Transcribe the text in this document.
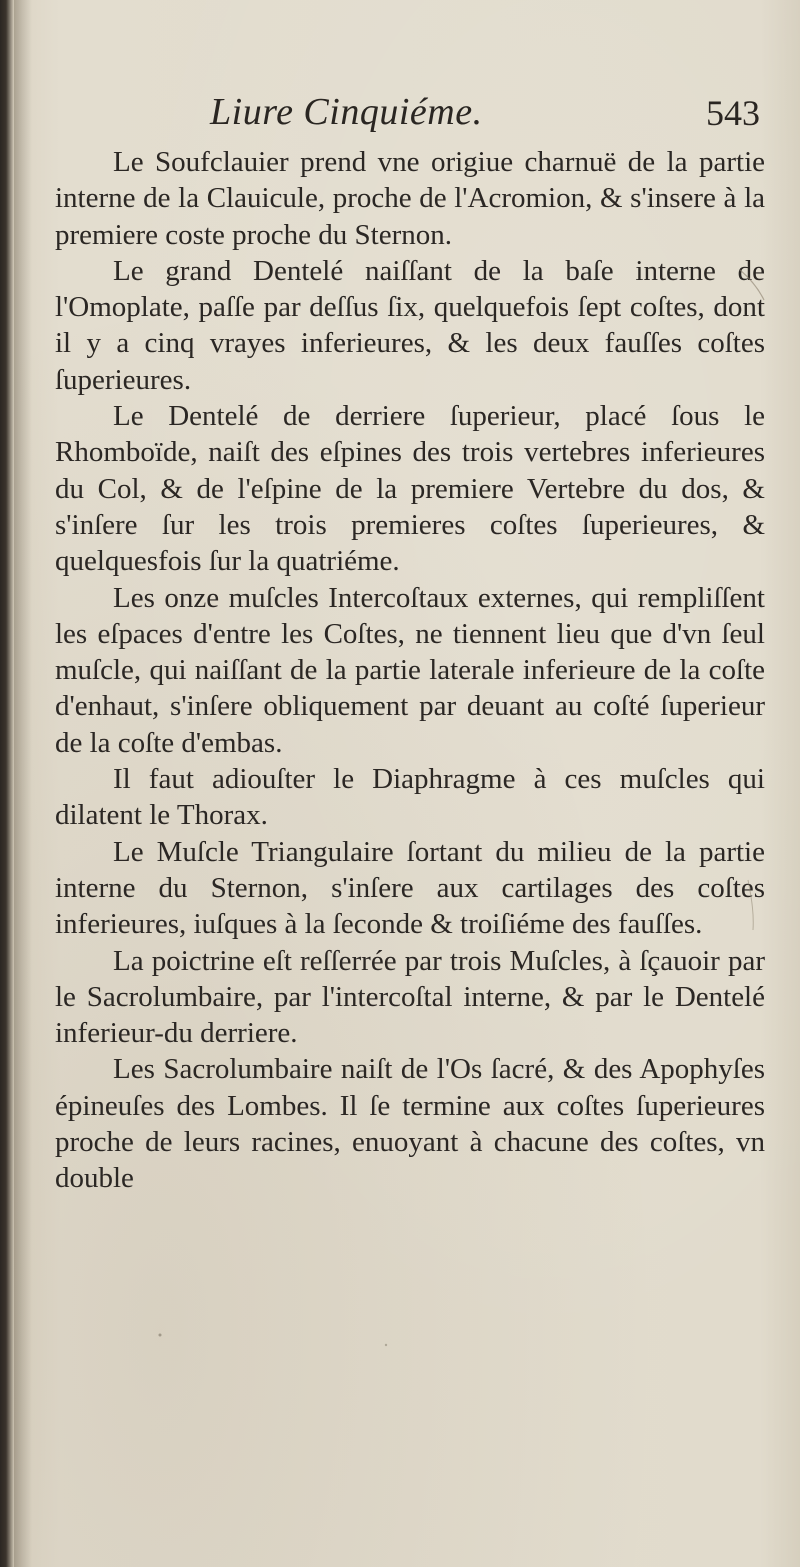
Liure Cinquiéme.	543

Le Soufclauier prend vne origiue charnuë de la partie interne de la Clauicule, proche de l'Acromion, & s'insere à la premiere coste proche du Sternon.

Le grand Dentelé naiſſant de la baſe interne de l'Omoplate, paſſe par deſſus ſix, quelquefois ſept coſtes, dont il y a cinq vrayes inferieures, & les deux fauſſes coſtes ſuperieures.

Le Dentelé de derriere ſuperieur, placé ſous le Rhomboïde, naiſt des eſpines des trois vertebres inferieures du Col, & de l'eſpine de la premiere Vertebre du dos, & s'inſere ſur les trois premieres coſtes ſuperieures, & quelquesfois ſur la quatriéme.

Les onze muſcles Intercoſtaux externes, qui rempliſſent les eſpaces d'entre les Coſtes, ne tiennent lieu que d'vn ſeul muſcle, qui naiſſant de la partie laterale inferieure de la coſte d'enhaut, s'inſere obliquement par deuant au coſté ſuperieur de la coſte d'embas.

Il faut adiouſter le Diaphragme à ces muſcles qui dilatent le Thorax.

Le Muſcle Triangulaire ſortant du milieu de la partie interne du Sternon, s'inſere aux cartilages des coſtes inferieures, iuſques à la ſeconde & troiſiéme des fauſſes.

La poictrine eſt reſſerrée par trois Muſcles, à ſçauoir par le Sacrolumbaire, par l'intercoſtal interne, & par le Dentelé inferieur-du derriere.

Les Sacrolumbaire naiſt de l'Os ſacré, & des Apophyſes épineuſes des Lombes. Il ſe termine aux coſtes ſuperieures proche de leurs racines, enuoyant à chacune des coſtes, vn double
